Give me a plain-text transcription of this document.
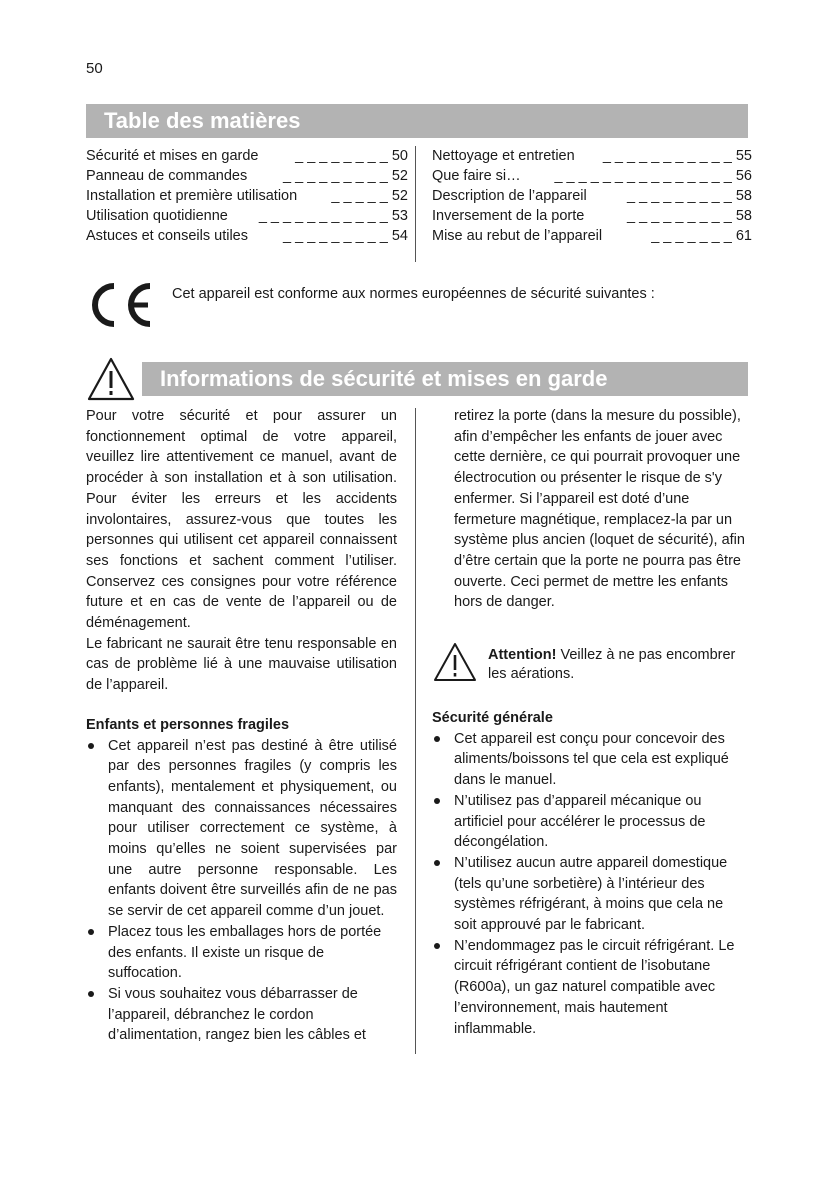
50
Table des matières
Sécurité et mises en garde	_ _ _ _ _ _ _ _ 50
Panneau de commandes _ _ _ _ _ _ _ _ _ 52
Installation et première utilisation _ _ _ _ _ 52
Utilisation quotidienne _ _ _ _ _ _ _ _ _ _ _ 53
Astuces et conseils utiles _ _ _ _ _ _ _ _ _ 54
Nettoyage et entretien _ _ _ _ _ _ _ _ _ _ _ 55
Que faire si… _ _ _ _ _ _ _ _ _ _ _ _ _ _ _ 56
Description de l’appareil	_ _ _ _ _ _ _ _ _ 58
Inversement de la porte	_ _ _ _ _ _ _ _ _ 58
Mise au rebut de l’appareil	_ _ _ _ _ _ _ 61
Cet appareil est conforme aux normes européennes de sécurité suivantes :
Informations de sécurité et mises en garde

Pour votre sécurité et pour assurer un fonctionnement optimal de votre appareil, veuillez lire attentivement ce manuel, avant de procéder à son installation et à son utilisation. Pour éviter les erreurs et les accidents involontaires, assurez-vous que toutes les personnes qui utilisent cet appareil connaissent ses fonctions et sachent comment l’utiliser. Conservez ces consignes pour votre référence future et en cas de vente de l’appareil ou de déménagement.

Le fabricant ne saurait être tenu responsable en cas de problème lié à une mauvaise utilisation de l’appareil.

Enfants et personnes fragiles

Cet appareil n’est pas destiné à être utilisé par des personnes fragiles (y compris les enfants), mentalement et physiquement, ou manquant des connaissances nécessaires pour utiliser correctement ce système, à moins qu’elles ne soient supervisées par une autre personne responsable. Les enfants doivent être surveillés afin de ne pas se servir de cet appareil comme d’un jouet.
Placez tous les emballages hors de portée des enfants. Il existe un risque de suffocation.
Si vous souhaitez vous débarrasser de l’appareil, débranchez le cordon d’alimentation, rangez bien les câbles et

retirez la porte (dans la mesure du possible), afin d’empêcher les enfants de jouer avec cette dernière, ce qui pourrait provoquer une électrocution ou présenter le risque de s'y enfermer. Si l’appareil est doté d’une fermeture magnétique, remplacez-la par un système plus ancien (loquet de sécurité), afin d’être certain que la porte ne pourra pas être ouverte. Ceci permet de mettre les enfants hors de danger.

Attention! Veillez à ne pas encombrer les aérations.

Sécurité générale

Cet appareil est conçu pour concevoir des aliments/boissons tel que cela est expliqué dans le manuel.
N’utilisez pas d’appareil mécanique ou artificiel pour accélérer le processus de décongélation.
N’utilisez aucun autre appareil domestique (tels qu’une sorbetière) à l’intérieur des systèmes réfrigérant, à moins que cela ne soit approuvé par le fabricant.
N’endommagez pas le circuit réfrigérant. Le circuit réfrigérant contient de l’isobutane (R600a), un gaz naturel compatible avec l’environnement, mais hautement inflammable.
